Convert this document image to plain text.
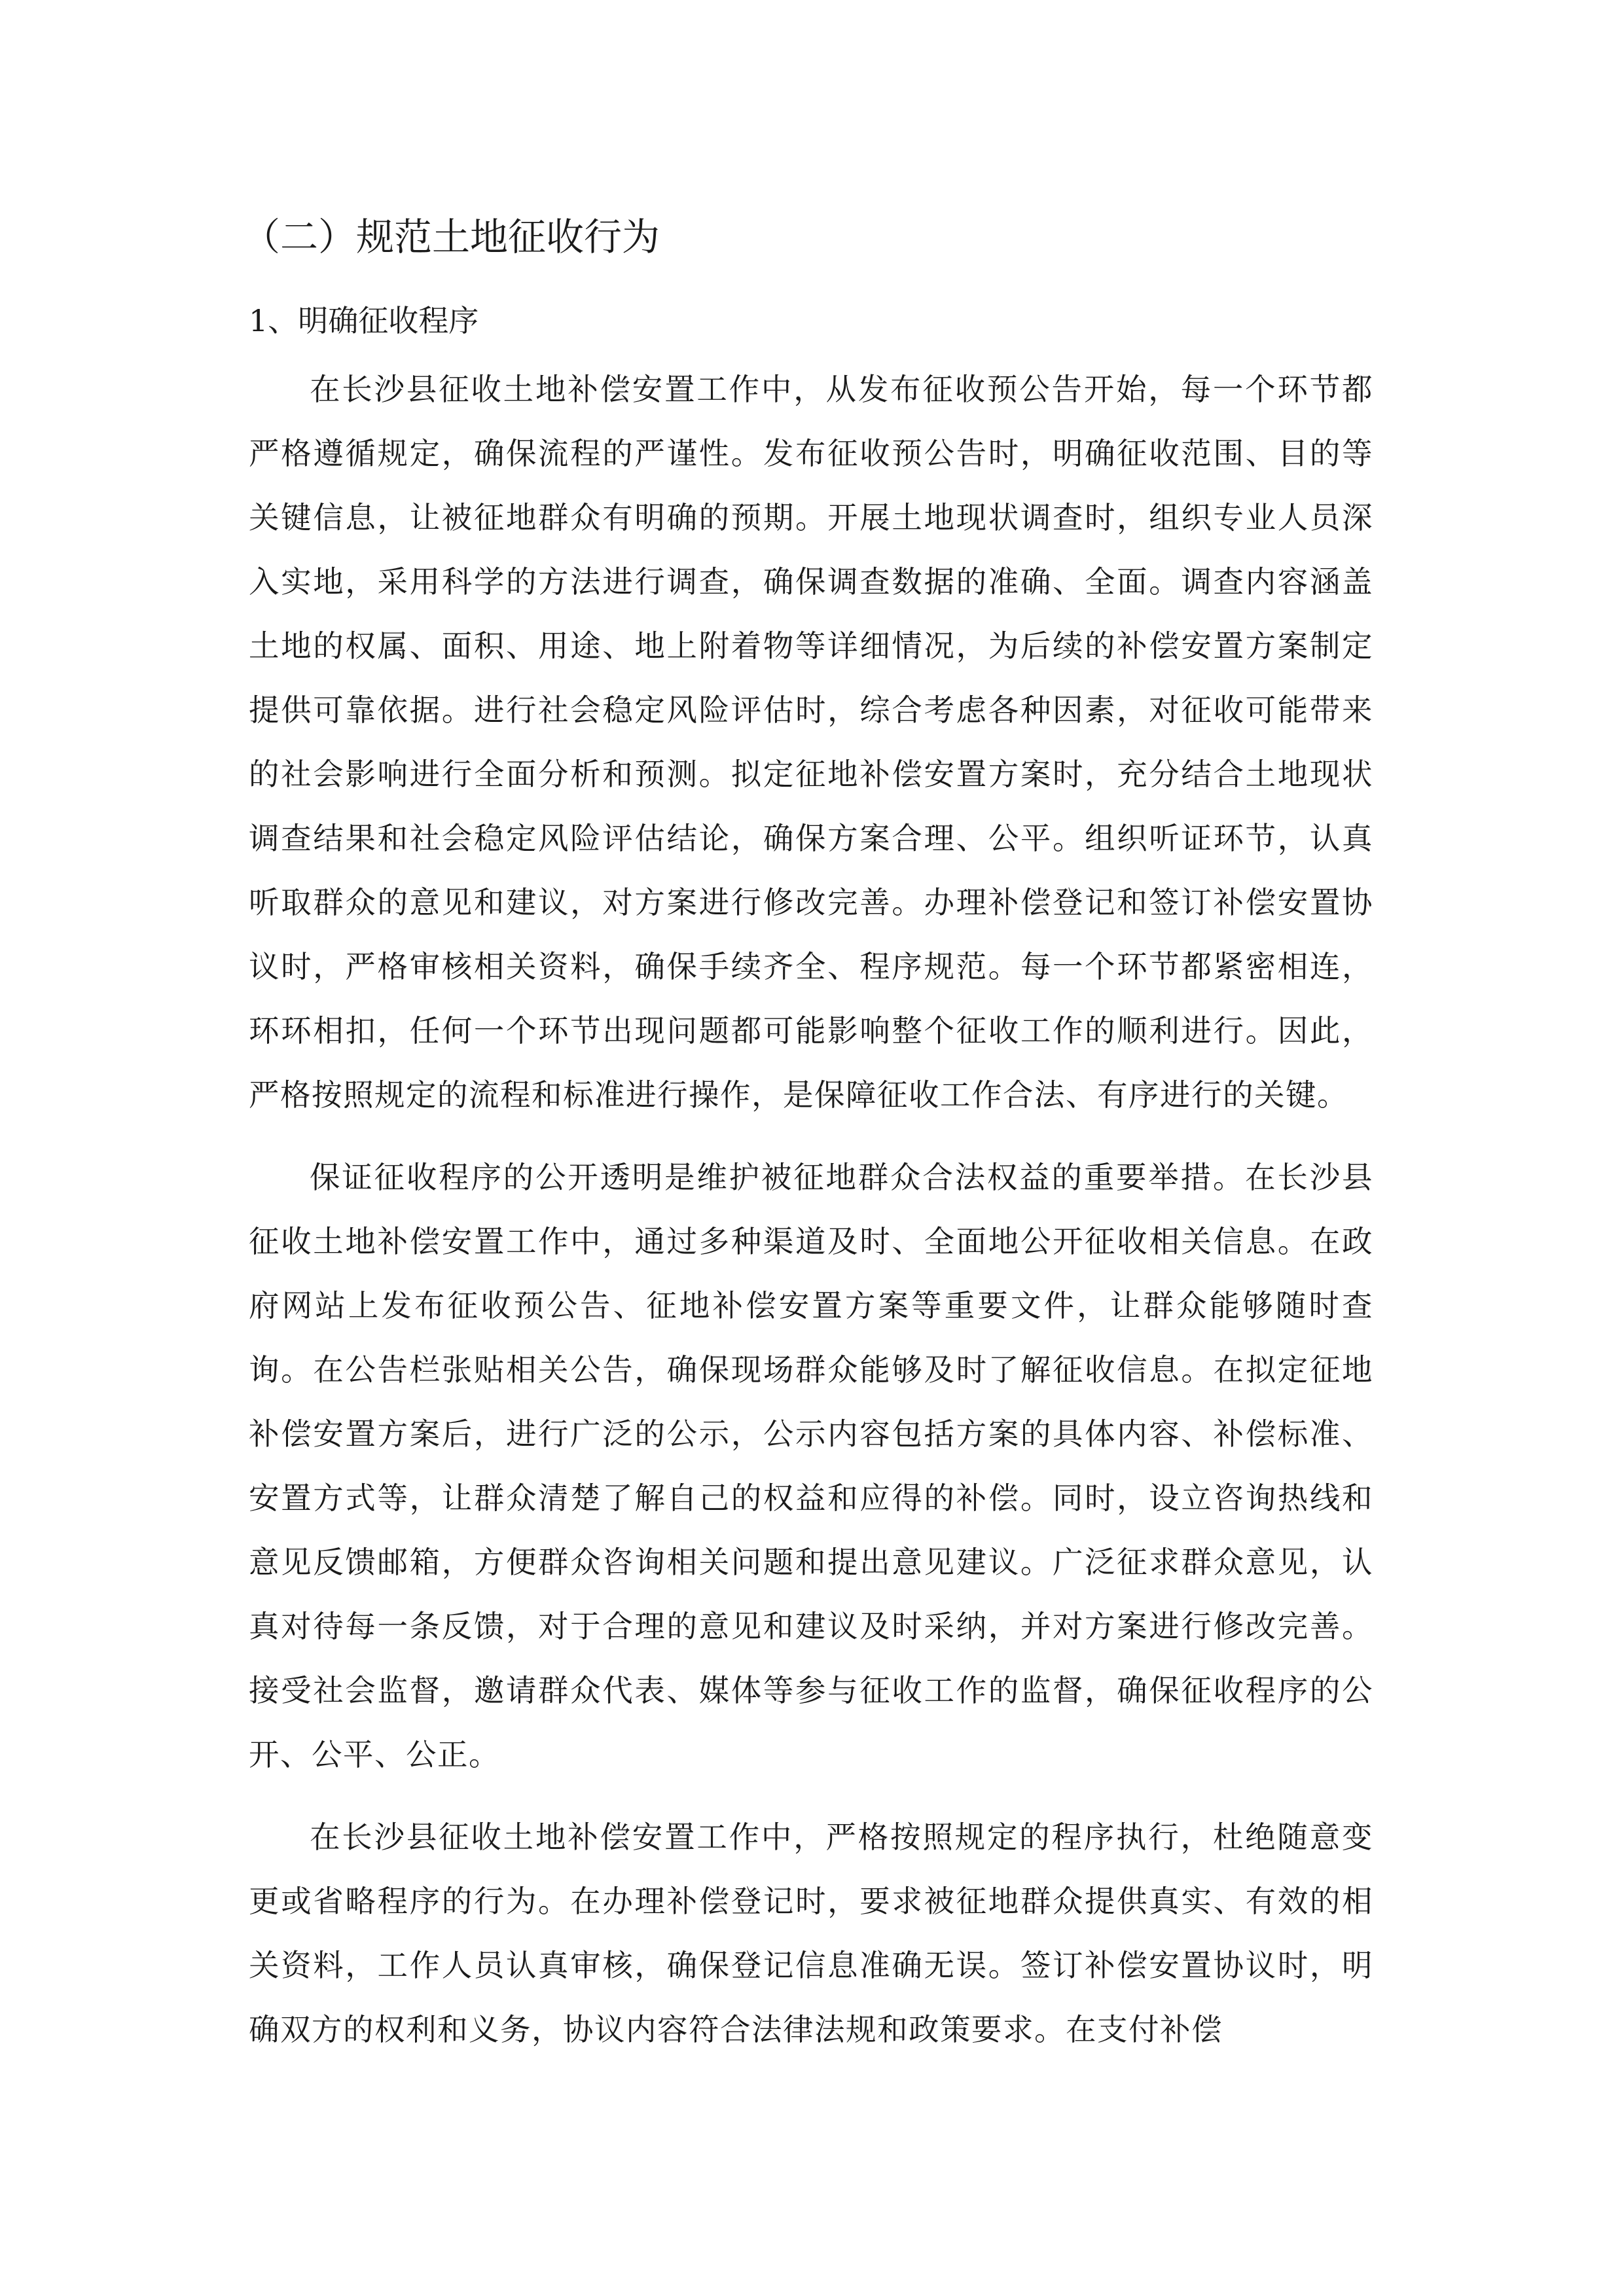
（二）规范土地征收行为
1、明确征收程序

在长沙县征收土地补偿安置工作中，从发布征收预公告开始，每一个环节都严格遵循规定，确保流程的严谨性。发布征收预公告时，明确征收范围、目的等关键信息，让被征地群众有明确的预期。开展土地现状调查时，组织专业人员深入实地，采用科学的方法进行调查，确保调查数据的准确、全面。调查内容涵盖土地的权属、面积、用途、地上附着物等详细情况，为后续的补偿安置方案制定提供可靠依据。进行社会稳定风险评估时，综合考虑各种因素，对征收可能带来的社会影响进行全面分析和预测。拟定征地补偿安置方案时，充分结合土地现状调查结果和社会稳定风险评估结论，确保方案合理、公平。组织听证环节，认真听取群众的意见和建议，对方案进行修改完善。办理补偿登记和签订补偿安置协议时，严格审核相关资料，确保手续齐全、程序规范。每一个环节都紧密相连，环环相扣，任何一个环节出现问题都可能影响整个征收工作的顺利进行。因此，严格按照规定的流程和标准进行操作，是保障征收工作合法、有序进行的关键。

保证征收程序的公开透明是维护被征地群众合法权益的重要举措。在长沙县征收土地补偿安置工作中，通过多种渠道及时、全面地公开征收相关信息。在政府网站上发布征收预公告、征地补偿安置方案等重要文件，让群众能够随时查询。在公告栏张贴相关公告，确保现场群众能够及时了解征收信息。在拟定征地补偿安置方案后，进行广泛的公示，公示内容包括方案的具体内容、补偿标准、安置方式等，让群众清楚了解自己的权益和应得的补偿。同时，设立咨询热线和意见反馈邮箱，方便群众咨询相关问题和提出意见建议。广泛征求群众意见，认真对待每一条反馈，对于合理的意见和建议及时采纳，并对方案进行修改完善。接受社会监督，邀请群众代表、媒体等参与征收工作的监督，确保征收程序的公开、公平、公正。

在长沙县征收土地补偿安置工作中，严格按照规定的程序执行，杜绝随意变更或省略程序的行为。在办理补偿登记时，要求被征地群众提供真实、有效的相关资料，工作人员认真审核，确保登记信息准确无误。签订补偿安置协议时，明确双方的权利和义务，协议内容符合法律法规和政策要求。在支付补偿
